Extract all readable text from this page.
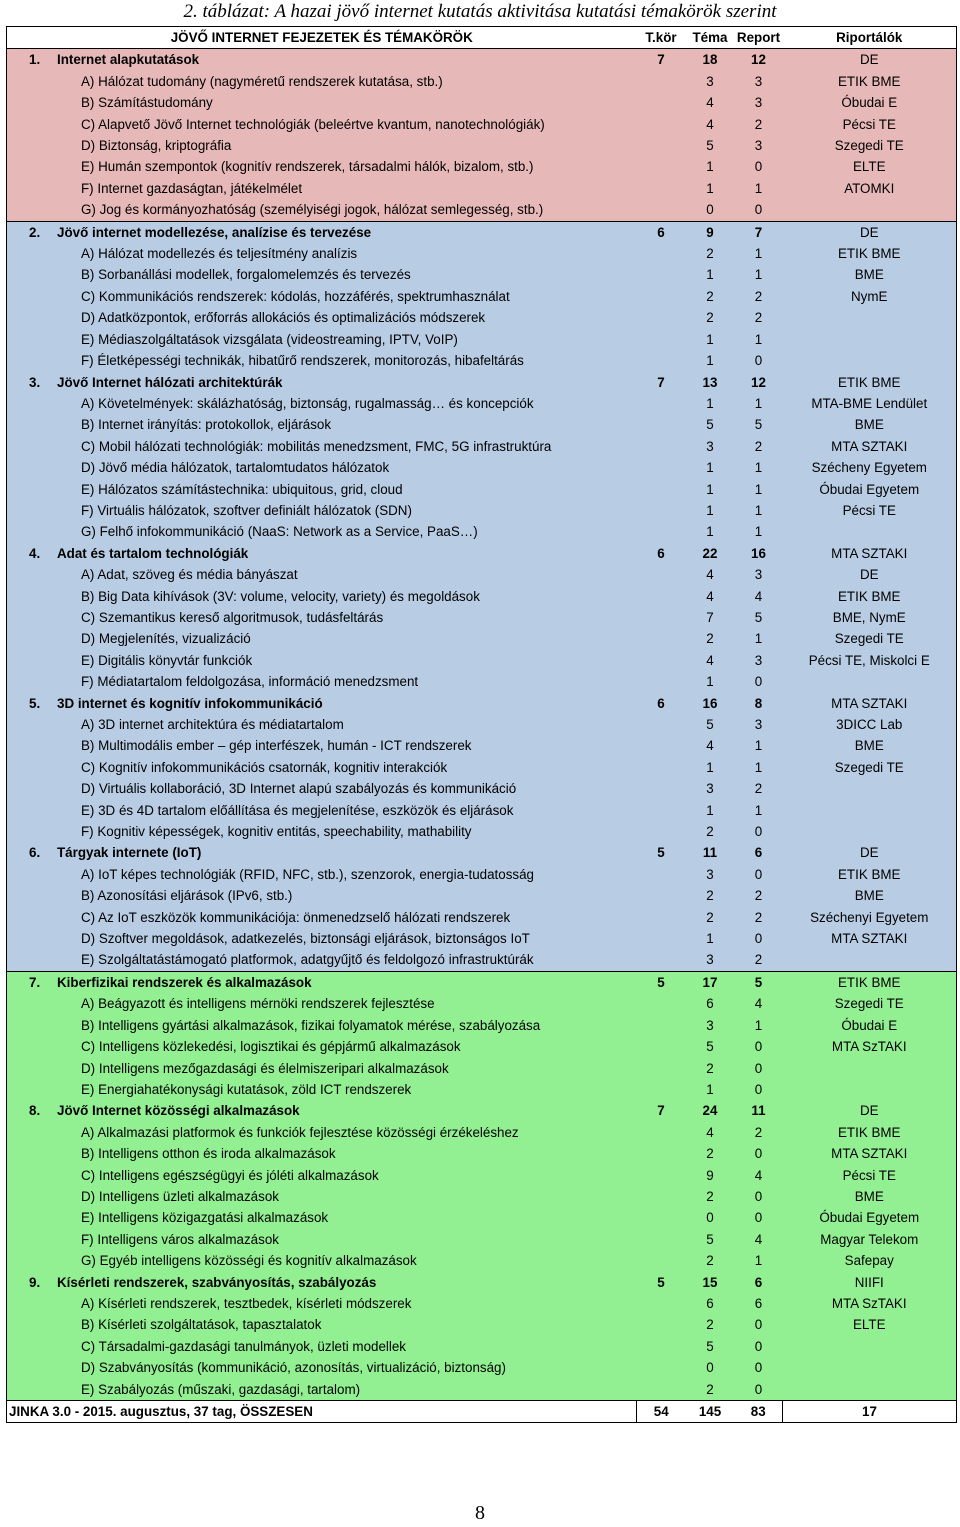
2. táblázat: A hazai jövő internet kutatás aktivitása kutatási témakörök szerint
JÖVŐ INTERNET FEJEZETEK ÉS TÉMAKÖRÖK	T.kör	Téma	Report	Riportálók
1. Internet alapkutatások	7	18	12	DE
A) Hálózat tudomány (nagyméretű rendszerek kutatása, stb.)		3	3	ETIK BME
B) Számítástudomány		4	3	Óbudai E
C) Alapvető Jövő Internet technológiák (beleértve kvantum, nanotechnológiák)		4	2	Pécsi TE
D) Biztonság, kriptográfia		5	3	Szegedi TE
E) Humán szempontok (kognitív rendszerek, társadalmi hálók, bizalom, stb.)		1	0	ELTE
F) Internet gazdaságtan, játékelmélet		1	1	ATOMKI
G) Jog és kormányozhatóság (személyiségi jogok, hálózat semlegesség, stb.)		0	0	
2. Jövő internet modellezése, analízise és tervezése	6	9	7	DE
A) Hálózat modellezés és teljesítmény analízis		2	1	ETIK BME
B) Sorbanállási modellek, forgalomelemzés és tervezés		1	1	BME
C) Kommunikációs rendszerek: kódolás, hozzáférés, spektrumhasználat		2	2	NymE
D) Adatközpontok, erőforrás allokációs és optimalizációs módszerek		2	2	
E) Médiaszolgáltatások vizsgálata (videostreaming, IPTV, VoIP)		1	1	
F) Életképességi technikák, hibatűrő rendszerek, monitorozás, hibafeltárás		1	0	
3. Jövő Internet hálózati architektúrák	7	13	12	ETIK BME
A) Követelmények: skálázhatóság, biztonság, rugalmasság… és koncepciók		1	1	MTA-BME Lendület
B) Internet irányítás: protokollok, eljárások		5	5	BME
C) Mobil hálózati technológiák: mobilitás menedzsment, FMC, 5G infrastruktúra		3	2	MTA SZTAKI
D) Jövő média hálózatok, tartalomtudatos hálózatok		1	1	Szécheny Egyetem
E) Hálózatos számítástechnika: ubiquitous, grid, cloud		1	1	Óbudai Egyetem
F) Virtuális hálózatok, szoftver definiált hálózatok (SDN)		1	1	Pécsi TE
G) Felhő infokommunikáció (NaaS: Network as a Service, PaaS…)		1	1	
4. Adat és tartalom technológiák	6	22	16	MTA SZTAKI
A) Adat, szöveg és média bányászat		4	3	DE
B) Big Data kihívások (3V: volume, velocity, variety) és megoldások		4	4	ETIK BME
C) Szemantikus kereső algoritmusok, tudásfeltárás		7	5	BME, NymE
D) Megjelenítés, vizualizáció		2	1	Szegedi TE
E) Digitális könyvtár funkciók		4	3	Pécsi TE, Miskolci E
F) Médiatartalom feldolgozása, információ menedzsment		1	0	
5. 3D internet és kognitív infokommunikáció	6	16	8	MTA SZTAKI
A) 3D internet architektúra és médiatartalom		5	3	3DICC Lab
B) Multimodális ember – gép interfészek, humán - ICT rendszerek		4	1	BME
C) Kognitív infokommunikációs csatornák, kognitiv interakciók		1	1	Szegedi TE
D) Virtuális kollaboráció, 3D Internet alapú szabályozás és kommunikáció		3	2	
E) 3D és 4D tartalom előállítása és megjelenítése, eszközök és eljárások		1	1	
F) Kognitiv képességek, kognitiv entitás, speechability, mathability		2	0	
6. Tárgyak internete (IoT)	5	11	6	DE
A) IoT képes technológiák (RFID, NFC, stb.), szenzorok, energia-tudatosság		3	0	ETIK BME
B) Azonosítási eljárások (IPv6, stb.)		2	2	BME
C) Az IoT eszközök kommunikációja: önmenedzselő hálózati rendszerek		2	2	Széchenyi Egyetem
D) Szoftver megoldások, adatkezelés, biztonsági eljárások, biztonságos IoT		1	0	MTA SZTAKI
E) Szolgáltatástámogató platformok, adatgyűjtő és feldolgozó infrastruktúrák		3	2	
7. Kiberfizikai rendszerek és alkalmazások	5	17	5	ETIK BME
A) Beágyazott és intelligens mérnöki rendszerek fejlesztése		6	4	Szegedi TE
B) Intelligens gyártási alkalmazások, fizikai folyamatok mérése, szabályozása		3	1	Óbudai E
C) Intelligens közlekedési, logisztikai és gépjármű alkalmazások		5	0	MTA SzTAKI
D) Intelligens mezőgazdasági és élelmiszeripari alkalmazások		2	0	
E) Energiahatékonysági kutatások, zöld ICT rendszerek		1	0	
8. Jövő Internet közösségi alkalmazások	7	24	11	DE
A) Alkalmazási platformok és funkciók fejlesztése közösségi érzékeléshez		4	2	ETIK BME
B) Intelligens otthon és iroda alkalmazások		2	0	MTA SZTAKI
C) Intelligens egészségügyi és jóléti alkalmazások		9	4	Pécsi TE
D) Intelligens üzleti alkalmazások		2	0	BME
E) Intelligens közigazgatási alkalmazások		0	0	Óbudai Egyetem
F) Intelligens város alkalmazások		5	4	Magyar Telekom
G) Egyéb intelligens közösségi és kognitív alkalmazások		2	1	Safepay
9. Kísérleti rendszerek, szabványosítás, szabályozás	5	15	6	NIIFI
A) Kísérleti rendszerek, tesztbedek, kísérleti módszerek		6	6	MTA SzTAKI
B) Kísérleti szolgáltatások, tapasztalatok		2	0	ELTE
C) Társadalmi-gazdasági tanulmányok, üzleti modellek		5	0	
D) Szabványosítás (kommunikáció, azonosítás, virtualizáció, biztonság)		0	0	
E) Szabályozás (műszaki, gazdasági, tartalom)		2	0	
JINKA 3.0 - 2015. augusztus, 37 tag, ÖSSZESEN	54	145	83	17
8
